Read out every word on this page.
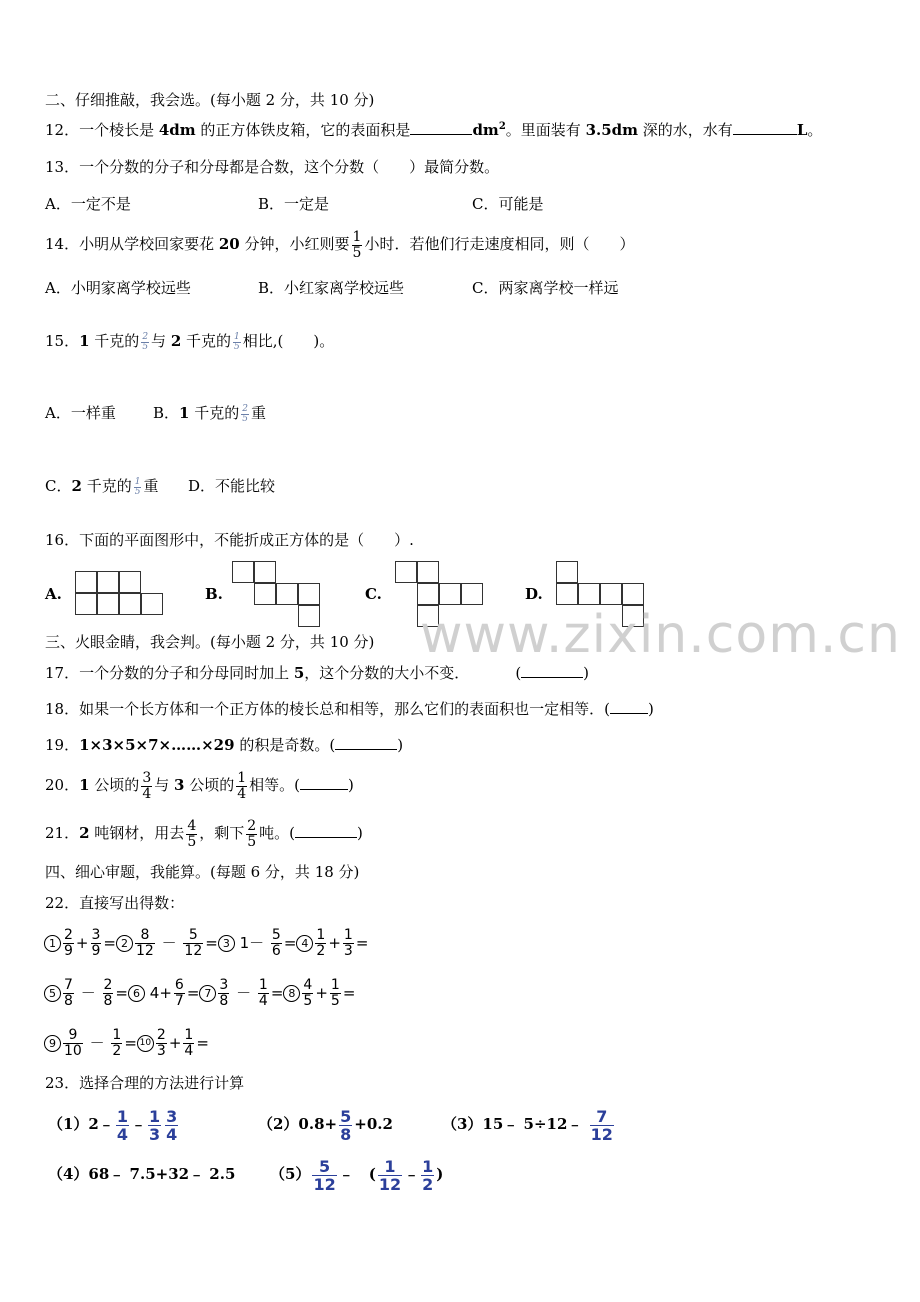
二、仔细推敲，我会选。(每小题 2 分，共 10 分)
12．一个棱长是 4dm 的正方体铁皮箱，它的表面积是	$dm^2$。里面装有 3.5dm 深的水，水有	L。
13．一个分数的分子和分母都是合数，这个分数（　　）最简分数。
A．一定不是	B．一定是	C．可能是
14．小明从学校回家要花 20 分钟，小红则要 $\frac{1}{5}$ 小时．若他们行走速度相同，则（　　）
A．小明家离学校远些	B．小红家离学校远些	C．两家离学校一样远
15．1 千克的 $\frac{2}{5}$ 与 2 千克的 $\frac{1}{5}$ 相比,(　　)。
A．一样重 B．1 千克的 $\frac{2}{5}$ 重
C．2 千克的 $\frac{1}{5}$ 重 D．不能比较
16．下面的平面图形中，不能折成正方体的是（　　）.
A.	B.	C.	D.
www.zixin.com.cn
三、火眼金睛，我会判。(每小题 2 分，共 10 分)
17．一个分数的分子和分母同时加上 5，这个分数的大小不变．	(	)
18．如果一个长方体和一个正方体的棱长总和相等，那么它们的表面积也一定相等．(	)
19．1×3×5×7×……×29 的积是奇数。(	)
20．1 公顷的 $\frac{3}{4}$ 与 3 公顷的 $\frac{1}{4}$ 相等。(	)
21．2 吨钢材，用去 $\frac{4}{5}$ ，剩下 $\frac{2}{5}$ 吨。(	)
四、细心审题，我能算。(每题 6 分，共 18 分)
22．直接写出得数：
$1 \frac{2}{9} + \frac{3}{9} = 2 \frac{8}{12} - \frac{5}{12} = 3$ $1- \frac{5}{6} = 4 \frac{1}{2} + \frac{1}{3}$ =
$5 \frac{7}{8} - \frac{2}{8} = 6$ $4+ \frac{6}{7} = 7 \frac{3}{8} - \frac{1}{4} = 8 \frac{4}{5} + \frac{1}{5}$ =
$9 \frac{9}{10} - \frac{1}{2} = 10 \frac{2}{3} + \frac{1}{4}$ =
23．选择合理的方法进行计算
（1）2﹣ $\frac{1}{4}$ ﹣ $\frac{1}{3} \frac{3}{4}$	$(2)0.8+ \frac{5}{8} +0.2$	（3）15﹣ 5÷12﹣ $\frac{7}{12}$
（4）68﹣ 7.5+32﹣ 2.5 $(5) \frac{5}{12}$ ﹣　( $\frac{1}{12}$ ﹣ $\frac{1}{2}$ )
